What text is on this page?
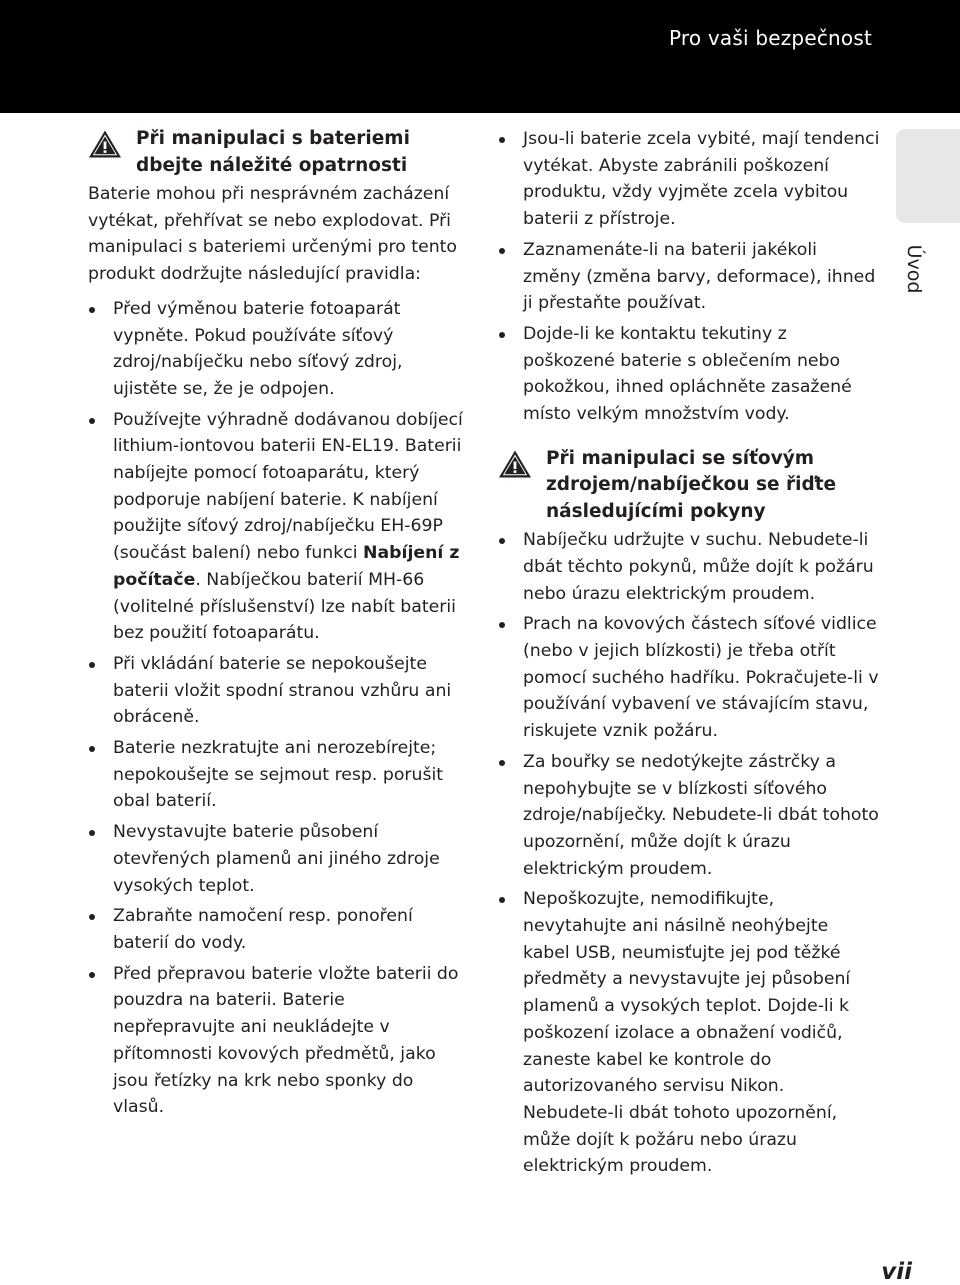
Pro vaši bezpečnost
Úvod
Při manipulaci s bateriemi dbejte náležité opatrnosti

Baterie mohou při nesprávném zacházení vytékat, přehřívat se nebo explodovat. Při manipulaci s bateriemi určenými pro tento produkt dodržujte následující pravidla:

Před výměnou baterie fotoaparát vypněte. Pokud používáte síťový zdroj/nabíječku nebo síťový zdroj, ujistěte se, že je odpojen.
Používejte výhradně dodávanou dobíjecí lithium-iontovou baterii EN-EL19. Baterii nabíjejte pomocí fotoaparátu, který podporuje nabíjení baterie. K nabíjení použijte síťový zdroj/nabíječku EH-69P (součást balení) nebo funkci Nabíjení z počítače. Nabíječkou baterií MH-66 (volitelné příslušenství) lze nabít baterii bez použití fotoaparátu.
Při vkládání baterie se nepokoušejte baterii vložit spodní stranou vzhůru ani obráceně.
Baterie nezkratujte ani nerozebírejte; nepokoušejte se sejmout resp. porušit obal baterií.
Nevystavujte baterie působení otevřených plamenů ani jiného zdroje vysokých teplot.
Zabraňte namočení resp. ponoření baterií do vody.
Před přepravou baterie vložte baterii do pouzdra na baterii. Baterie nepřepravujte ani neukládejte v přítomnosti kovových předmětů, jako jsou řetízky na krk nebo sponky do vlasů.
Jsou-li baterie zcela vybité, mají tendenci vytékat. Abyste zabránili poškození produktu, vždy vyjměte zcela vybitou baterii z přístroje.
Zaznamenáte-li na baterii jakékoli změny (změna barvy, deformace), ihned ji přestaňte používat.
Dojde-li ke kontaktu tekutiny z poškozené baterie s oblečením nebo pokožkou, ihned opláchněte zasažené místo velkým množstvím vody.
Při manipulaci se síťovým zdrojem/nabíječkou se řiďte následujícími pokyny
Nabíječku udržujte v suchu. Nebudete-li dbát těchto pokynů, může dojít k požáru nebo úrazu elektrickým proudem.
Prach na kovových částech síťové vidlice (nebo v jejich blízkosti) je třeba otřít pomocí suchého hadříku. Pokračujete-li v používání vybavení ve stávajícím stavu, riskujete vznik požáru.
Za bouřky se nedotýkejte zástrčky a nepohybujte se v blízkosti síťového zdroje/nabíječky. Nebudete-li dbát tohoto upozornění, může dojít k úrazu elektrickým proudem.
Nepoškozujte, nemodifikujte, nevytahujte ani násilně neohýbejte kabel USB, neumisťujte jej pod těžké předměty a nevystavujte jej působení plamenů a vysokých teplot. Dojde-li k poškození izolace a obnažení vodičů, zaneste kabel ke kontrole do autorizovaného servisu Nikon. Nebudete-li dbát tohoto upozornění, může dojít k požáru nebo úrazu elektrickým proudem.
vii
